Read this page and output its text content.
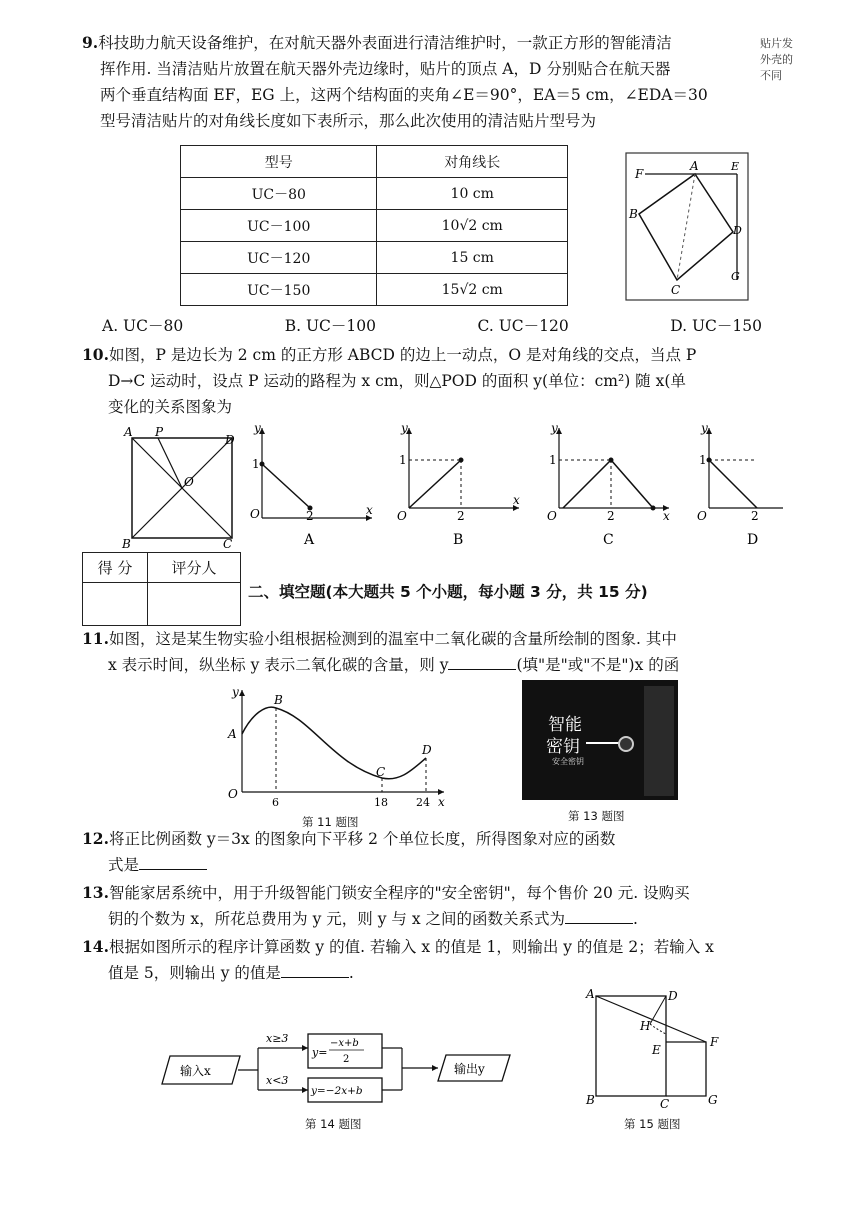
9.科技助力航天设备维护，在对航天器外表面进行清洁维护时，一款正方形的智能清洁
挥作用. 当清洁贴片放置在航天器外壳边缘时，贴片的顶点 A，D 分别贴合在航天器
两个垂直结构面 EF，EG 上，这两个结构面的夹角∠E＝90°，EA＝5 cm，∠EDA＝30
型号清洁贴片的对角线长度如下表所示，那么此次使用的清洁贴片型号为
贴片发 外壳的 不同
型号	对角线长
UC－80	10 cm
UC－100	10√2 cm
UC－120	15 cm
UC－150	15√2 cm
F
A	E
B
D
C
G
A. UC－80	B. UC－100	C. UC－120	D. UC－150
10.如图，P 是边长为 2 cm 的正方形 ABCD 的边上一动点，O 是对角线的交点，当点 P
D→C 运动时，设点 P 运动的路程为 x cm，则△POD 的面积 y(单位：cm²) 随 x(单
变化的关系图象为
A P
D
O
B	C
y
x
O
1
2
A
y
x
O
1
2
B
y
x
O
1
2
C
y
O
1
2
D
得 分	评分人

二、填空题(本大题共 5 个小题，每小题 3 分，共 15 分)
11.如图，这是某生物实验小组根据检测到的温室中二氧化碳的含量所绘制的图象. 其中
x 表示时间，纵坐标 y 表示二氧化碳的含量，则 y	(填"是"或"不是")x 的函
y
x
O
A
B
C
D
6	18	24
第 11 题图
智能
密钥
安全密钥
第 13 题图
12.将正比例函数 y＝3x 的图象向下平移 2 个单位长度，所得图象对应的函数
式是
13.智能家居系统中，用于升级智能门锁安全程序的"安全密钥"，每个售价 20 元. 设购买
钥的个数为 x，所花总费用为 y 元，则 y 与 x 之间的函数关系式为	.
14.根据如图所示的程序计算函数 y 的值. 若输入 x 的值是 1，则输出 y 的值是 2；若输入 x
值是 5，则输出 y 的值是	.
输入x
x≥3
x<3
y=
−x+b
2
y=−2x+b
输出y
第 14 题图
A	D
H
E
F
B	C	G
第 15 题图
